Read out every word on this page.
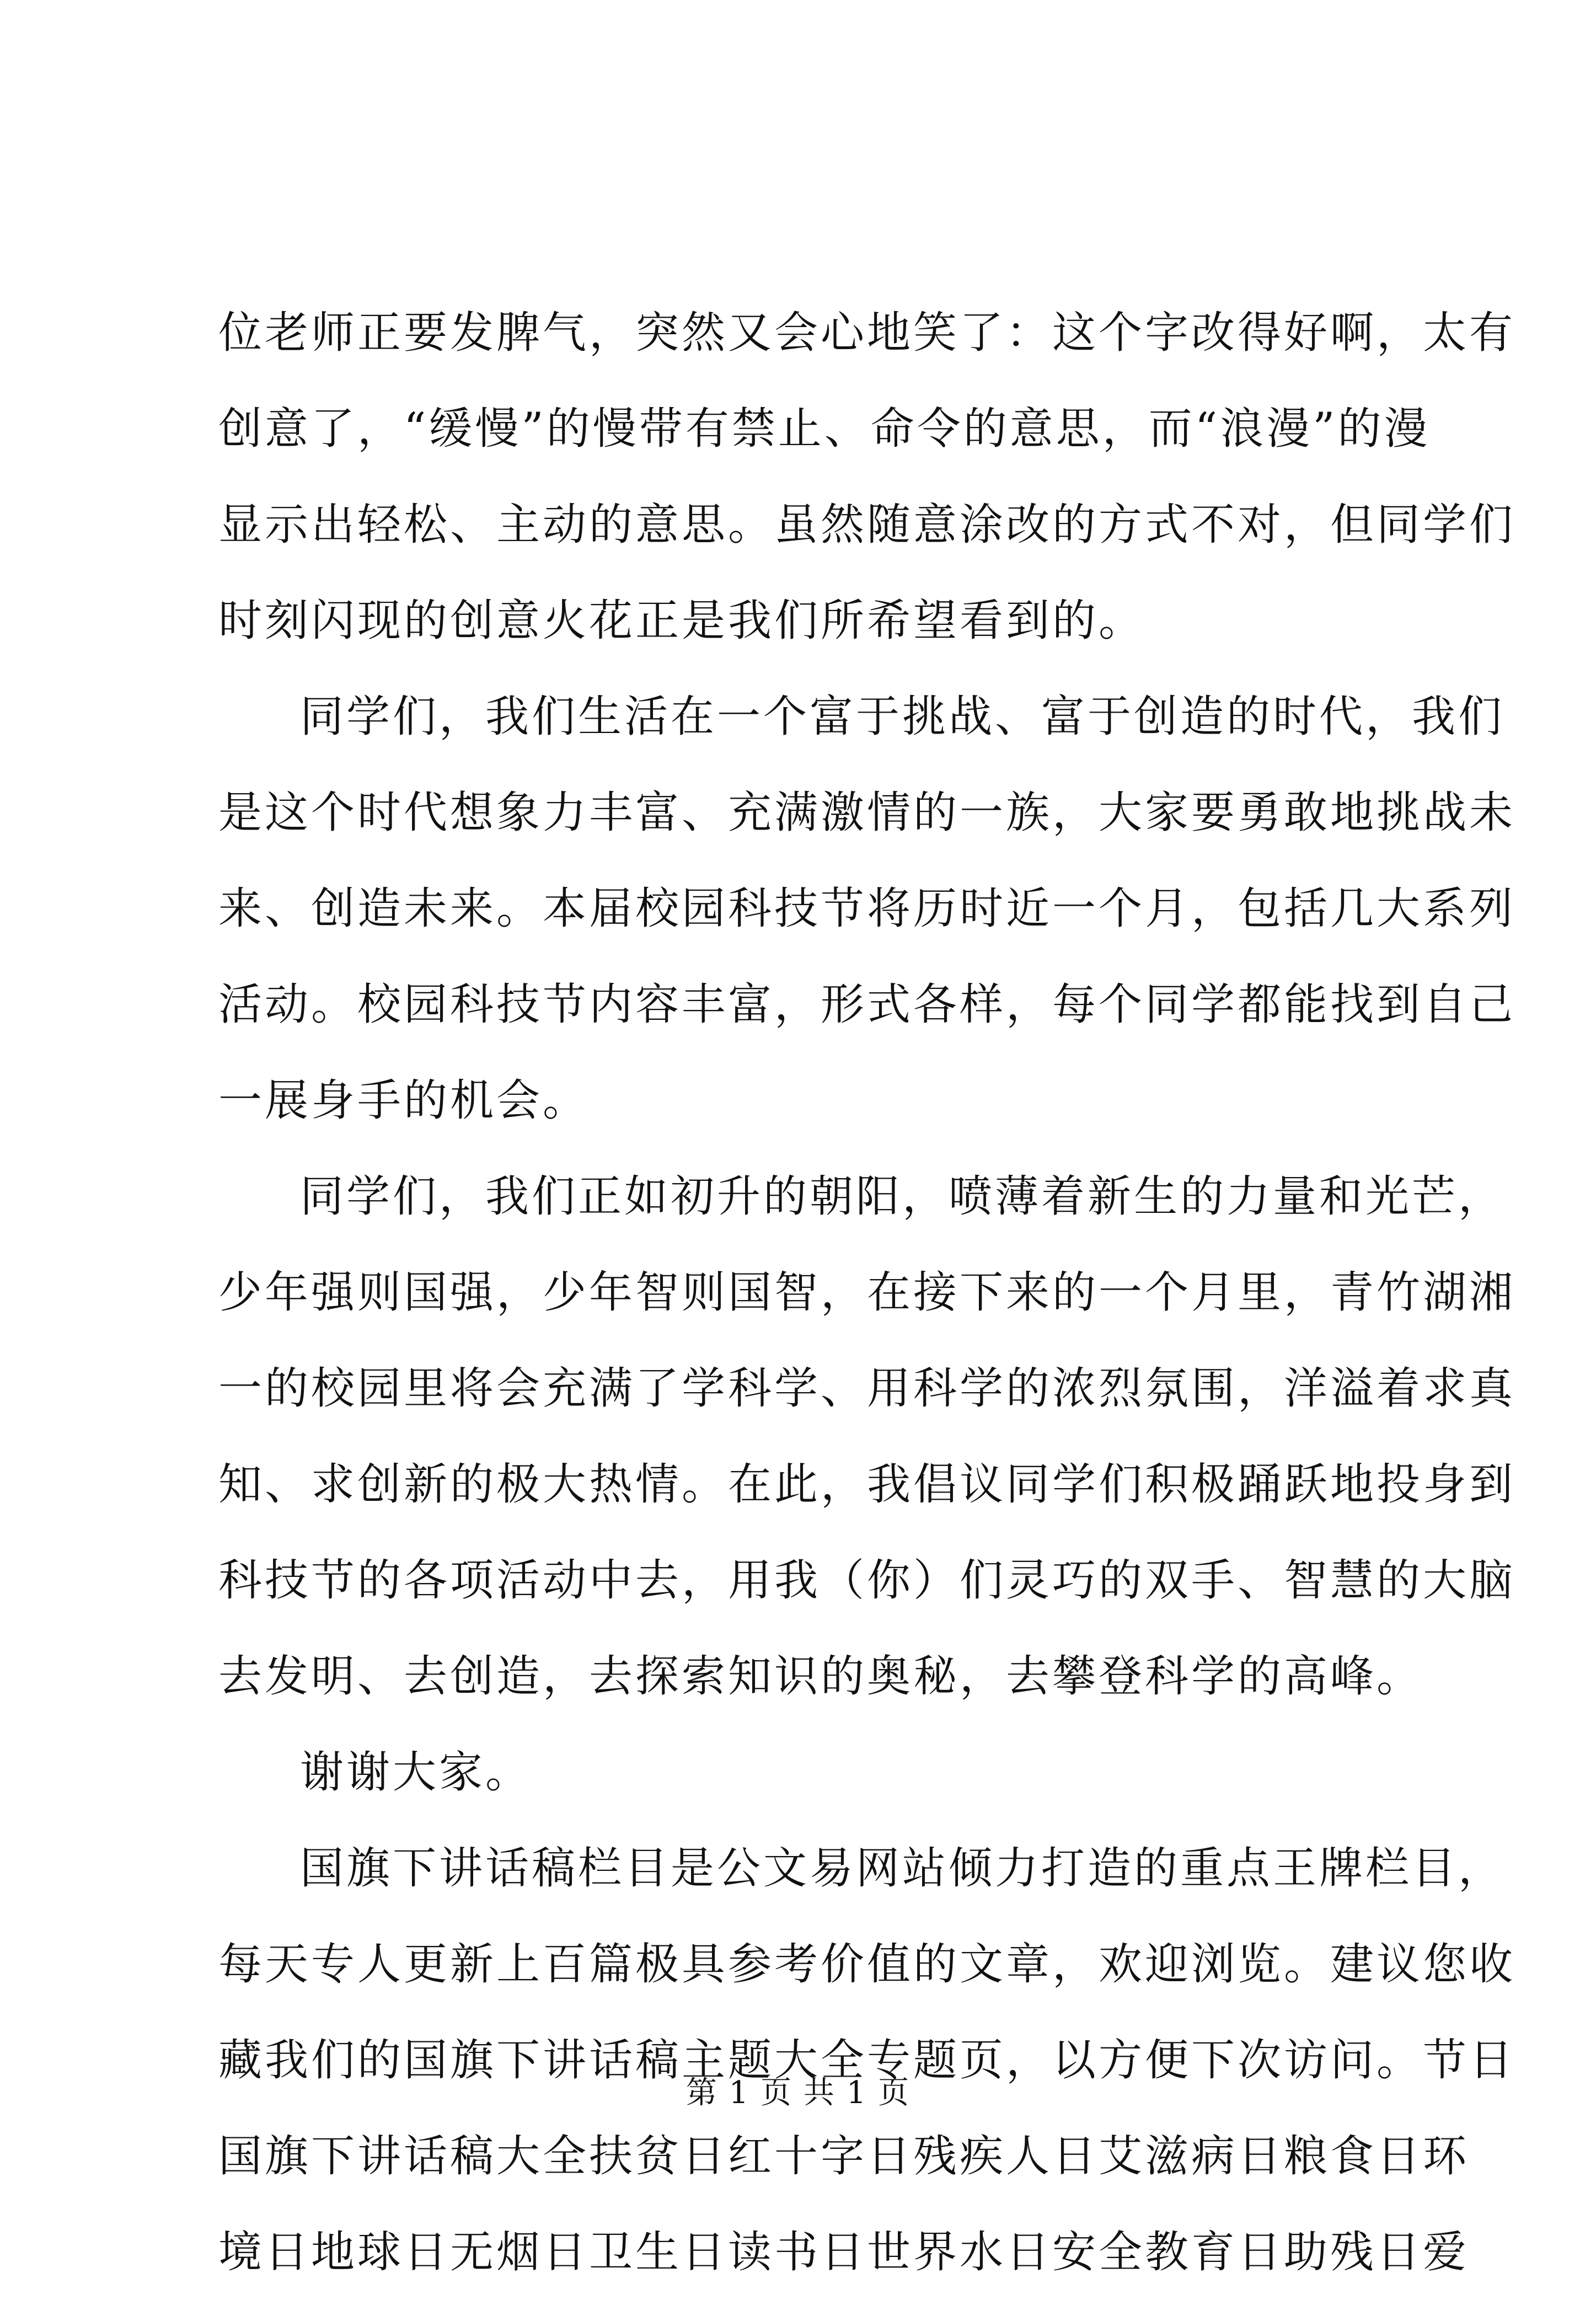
位老师正要发脾气，突然又会心地笑了：这个字改得好啊，太有
创意了，“缓慢”的慢带有禁止、命令的意思，而“浪漫”的漫
显示出轻松、主动的意思。虽然随意涂改的方式不对，但同学们
时刻闪现的创意火花正是我们所希望看到的。
同学们，我们生活在一个富于挑战、富于创造的时代，我们
是这个时代想象力丰富、充满激情的一族，大家要勇敢地挑战未
来、创造未来。本届校园科技节将历时近一个月，包括几大系列
活动。校园科技节内容丰富，形式各样，每个同学都能找到自己
一展身手的机会。
同学们，我们正如初升的朝阳，喷薄着新生的力量和光芒，
少年强则国强，少年智则国智，在接下来的一个月里，青竹湖湘
一的校园里将会充满了学科学、用科学的浓烈氛围，洋溢着求真
知、求创新的极大热情。在此，我倡议同学们积极踊跃地投身到
科技节的各项活动中去，用我（你）们灵巧的双手、智慧的大脑
去发明、去创造，去探索知识的奥秘，去攀登科学的高峰。
谢谢大家。
国旗下讲话稿栏目是公文易网站倾力打造的重点王牌栏目，
每天专人更新上百篇极具参考价值的文章，欢迎浏览。建议您收
藏我们的国旗下讲话稿主题大全专题页，以方便下次访问。节日
国旗下讲话稿大全扶贫日红十字日残疾人日艾滋病日粮食日环
境日地球日无烟日卫生日读书日世界水日安全教育日助残日爱
第 1 页 共 1 页
